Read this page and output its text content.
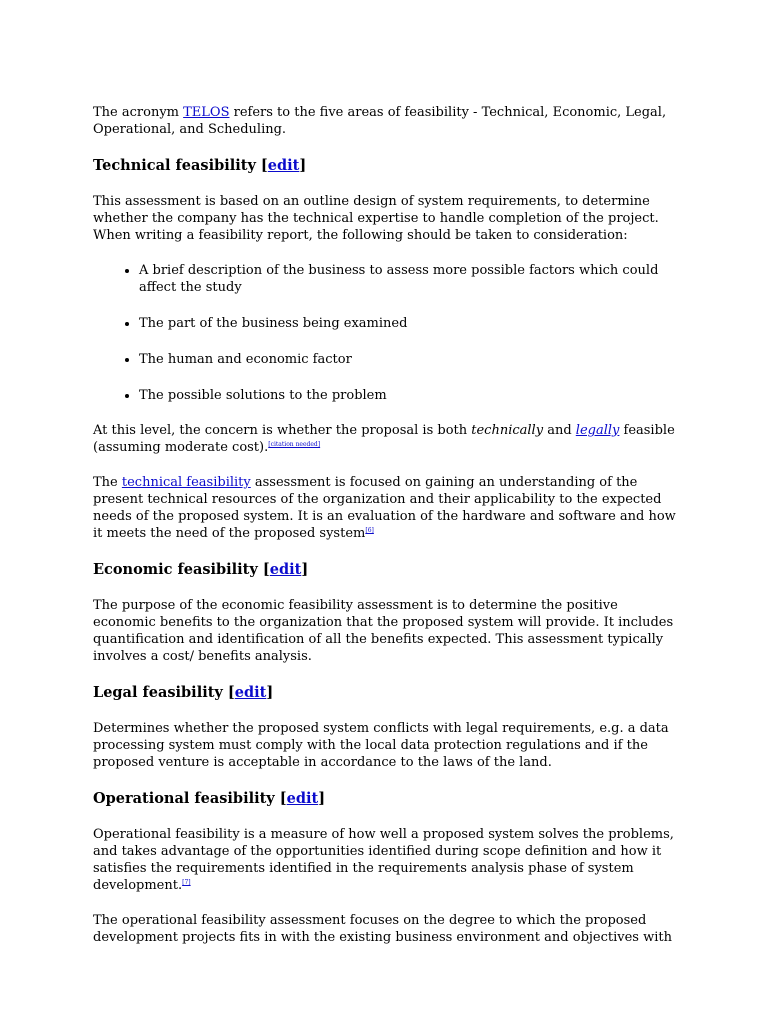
The acronym TELOS refers to the five areas of feasibility - Technical, Economic, Legal, Operational, and Scheduling.

Technical feasibility [edit]

This assessment is based on an outline design of system requirements, to determine whether the company has the technical expertise to handle completion of the project. When writing a feasibility report, the following should be taken to consideration:

• A brief description of the business to assess more possible factors which could affect the study
• The part of the business being examined
• The human and economic factor
• The possible solutions to the problem

At this level, the concern is whether the proposal is both technically and legally feasible (assuming moderate cost).[citation needed]

The technical feasibility assessment is focused on gaining an understanding of the present technical resources of the organization and their applicability to the expected needs of the proposed system. It is an evaluation of the hardware and software and how it meets the need of the proposed system[6]

Economic feasibility [edit]

The purpose of the economic feasibility assessment is to determine the positive economic benefits to the organization that the proposed system will provide. It includes quantification and identification of all the benefits expected. This assessment typically involves a cost/ benefits analysis.

Legal feasibility [edit]

Determines whether the proposed system conflicts with legal requirements, e.g. a data processing system must comply with the local data protection regulations and if the proposed venture is acceptable in accordance to the laws of the land.

Operational feasibility [edit]

Operational feasibility is a measure of how well a proposed system solves the problems, and takes advantage of the opportunities identified during scope definition and how it satisfies the requirements identified in the requirements analysis phase of system development.[7]

The operational feasibility assessment focuses on the degree to which the proposed development projects fits in with the existing business environment and objectives with
